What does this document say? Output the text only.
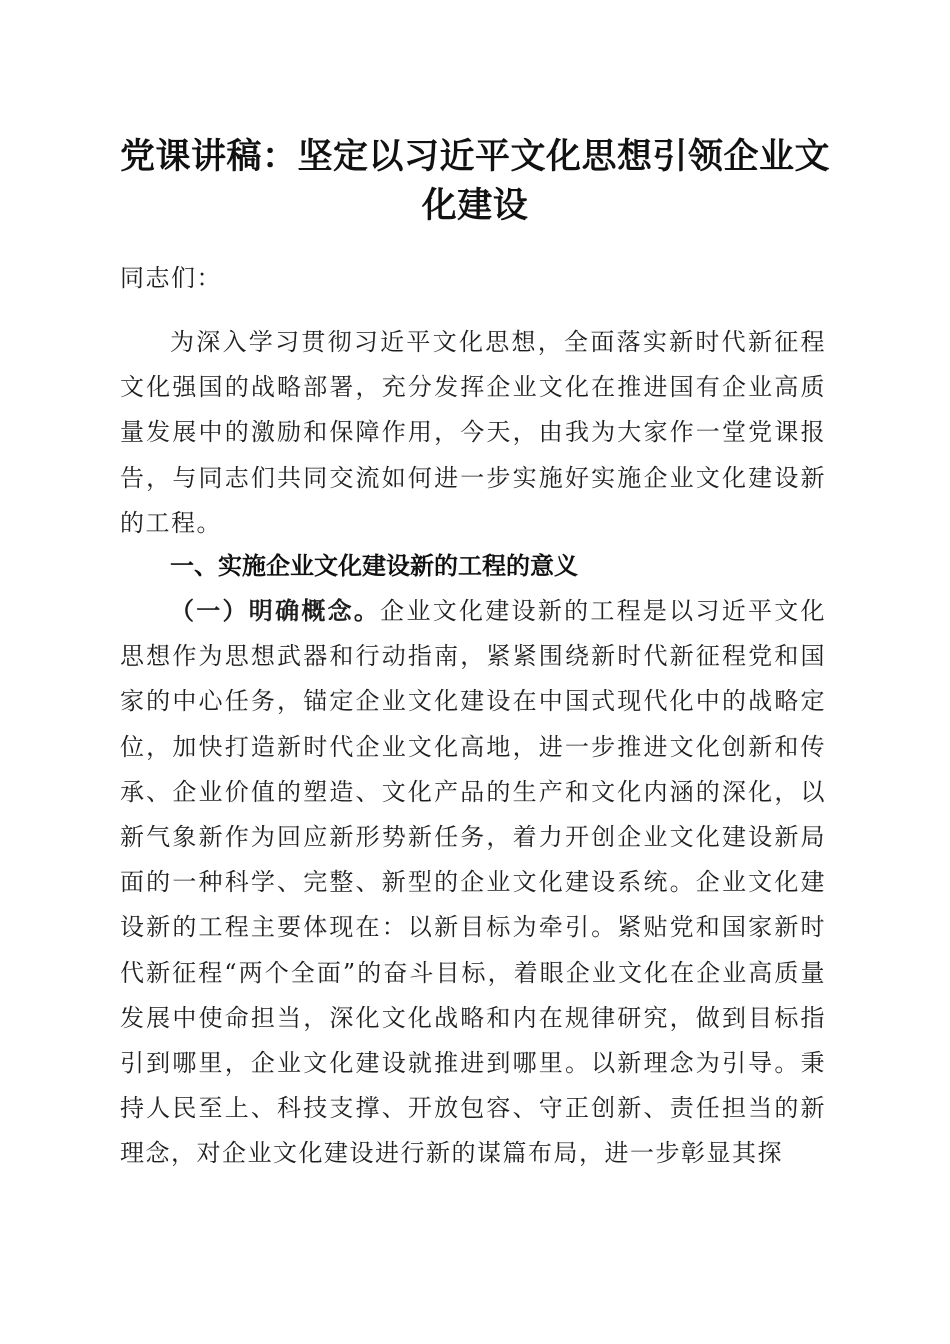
党课讲稿：坚定以习近平文化思想引领企业文化建设

同志们：

为深入学习贯彻习近平文化思想，全面落实新时代新征程文化强国的战略部署，充分发挥企业文化在推进国有企业高质量发展中的激励和保障作用，今天，由我为大家作一堂党课报告，与同志们共同交流如何进一步实施好实施企业文化建设新的工程。

一、实施企业文化建设新的工程的意义

（一）明确概念。企业文化建设新的工程是以习近平文化思想作为思想武器和行动指南，紧紧围绕新时代新征程党和国家的中心任务，锚定企业文化建设在中国式现代化中的战略定位，加快打造新时代企业文化高地，进一步推进文化创新和传承、企业价值的塑造、文化产品的生产和文化内涵的深化，以新气象新作为回应新形势新任务，着力开创企业文化建设新局面的一种科学、完整、新型的企业文化建设系统。企业文化建设新的工程主要体现在：以新目标为牵引。紧贴党和国家新时代新征程“两个全面”的奋斗目标，着眼企业文化在企业高质量发展中使命担当，深化文化战略和内在规律研究，做到目标指引到哪里，企业文化建设就推进到哪里。以新理念为引导。秉持人民至上、科技支撑、开放包容、守正创新、责任担当的新理念，对企业文化建设进行新的谋篇布局，进一步彰显其探
